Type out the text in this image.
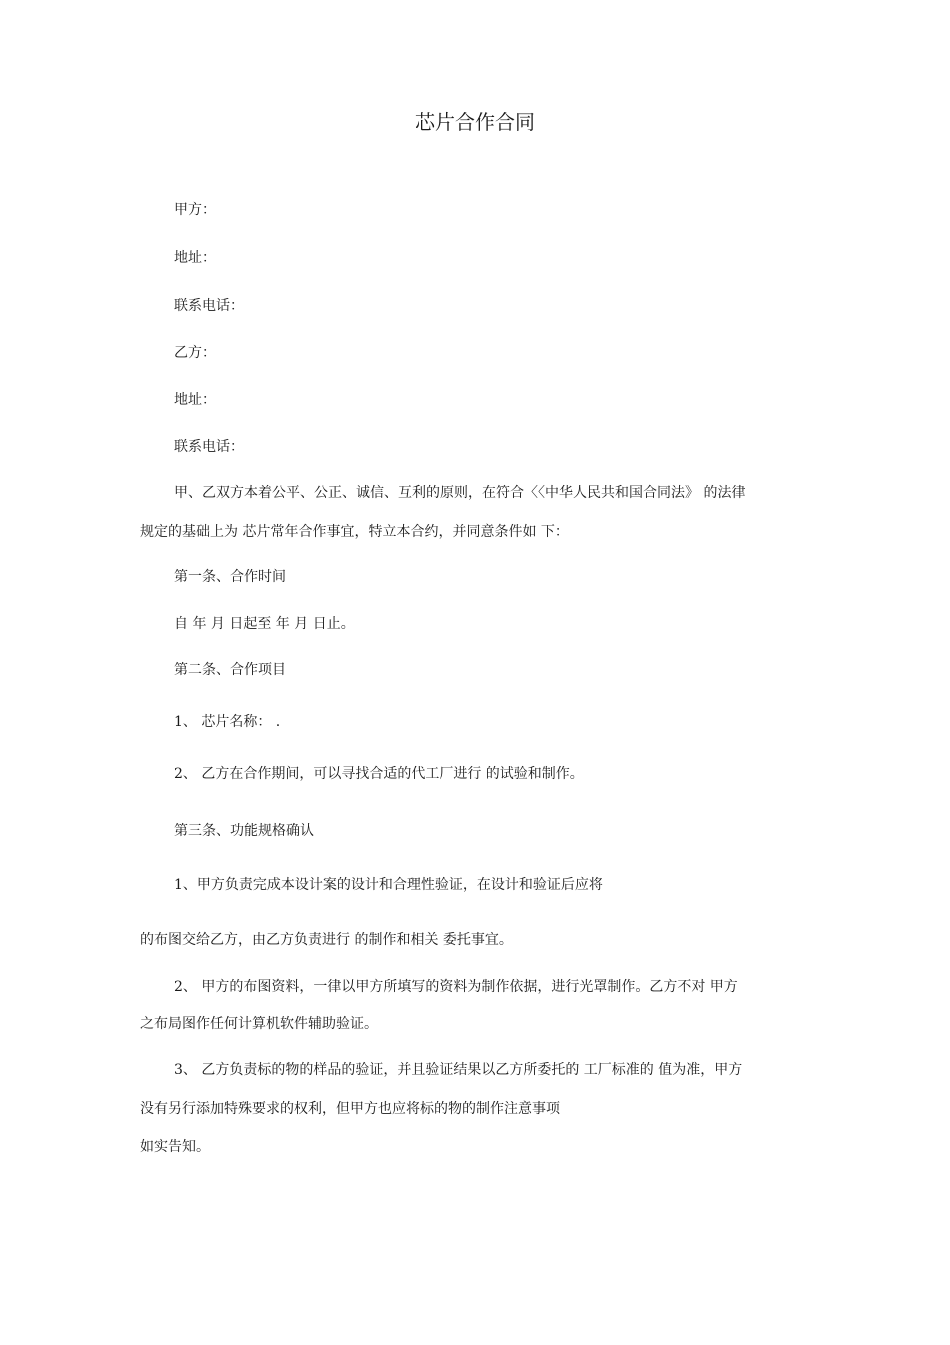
芯片合作合同
甲方：
地址：
联系电话：
乙方：
地址：
联系电话：
甲、乙双方本着公平、公正、诚信、互利的原则，在符合〈〈中华人民共和国合同法》 的法律
规定的基础上为 芯片常年合作事宜，特立本合约，并同意条件如 下：
第一条、合作时间
自 年 月 日起至 年 月 日止。
第二条、合作项目
1、 芯片名称： .
2、 乙方在合作期间，可以寻找合适的代工厂进行 的试验和制作。
第三条、功能规格确认
1、甲方负责完成本设计案的设计和合理性验证，在设计和验证后应将
的布图交给乙方，由乙方负责进行 的制作和相关 委托事宜。
2、 甲方的布图资料，一律以甲方所填写的资料为制作依据，进行光罩制作。乙方不对 甲方
之布局图作任何计算机软件辅助验证。
3、 乙方负责标的物的样品的验证，并且验证结果以乙方所委托的 工厂标准的 值为准，甲方
没有另行添加特殊要求的权利，但甲方也应将标的物的制作注意事项
如实告知。
